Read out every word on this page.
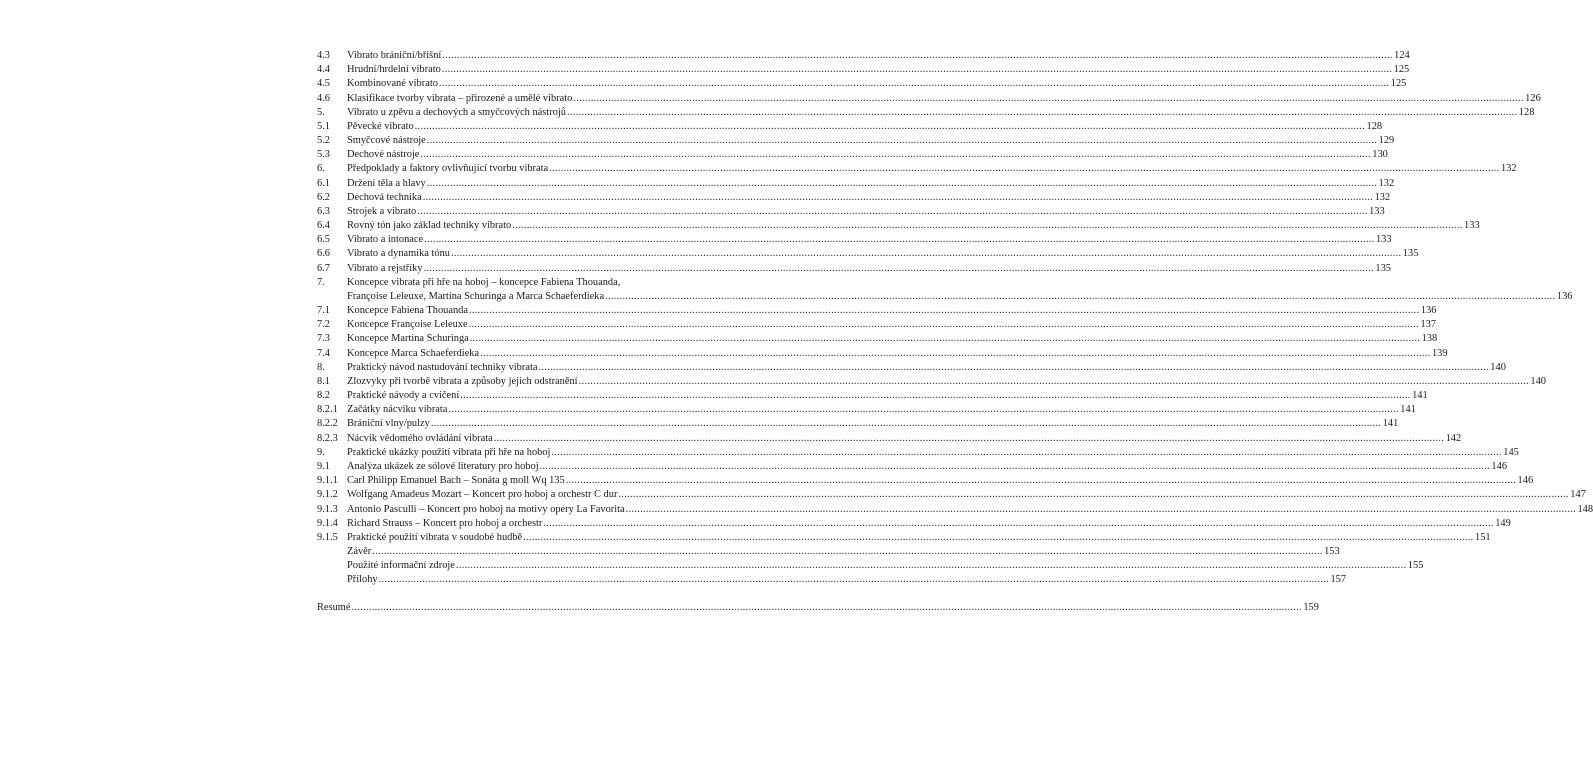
4.3	Vibrato brániční/břišní .....	124
4.4	Hrudní/hrdelní vibrato .....	125
4.5	Kombinované vibrato .....	125
4.6	Klasifikace tvorby vibrata – přirozené a umělé vibrato .....	126
5.	Vibrato u zpěvu a dechových a smyčcových nástrojů .....	128
5.1	Pěvecké vibrato .....	128
5.2	Smyčcové nástroje .....	129
5.3	Dechové nástroje .....	130
6.	Předpoklady a faktory ovlivňující tvorbu vibrata .....	132
6.1	Držení těla a hlavy .....	132
6.2	Dechová technika .....	132
6.3	Strojek a vibrato .....	133
6.4	Rovný tón jako základ techniky vibrato .....	133
6.5	Vibrato a intonace .....	133
6.6	Vibrato a dynamika tónu .....	135
6.7	Vibrato a rejstříky .....	135
7.	Koncepce vibrata při hře na hoboj – koncepce Fabiena Thouanda,
Françoise Leleuxe, Martina Schuringa a Marca Schaeferdieka .....	136
7.1	Koncepce Fabiena Thouanda .....	136
7.2	Koncepce Françoise Leleuxe .....	137
7.3	Koncepce Martina Schuringa .....	138
7.4	Koncepce Marca Schaeferdieka .....	139
8.	Praktický návod nastudování techniky vibrata .....	140
8.1	Zlozvyky při tvorbě vibrata a způsoby jejich odstranění .....	140
8.2	Praktické návody a cvičení .....	141
8.2.1 Začátky nácviku vibrata .....	141
8.2.2 Brániční vlny/pulzy .....	141
8.2.3 Nácvik vědomého ovládání vibrata .....	142
9.	Praktické ukázky použití vibrata při hře na hoboj .....	145
9.1	Analýza ukázek ze sólové literatury pro hoboj .....	146
9.1.1 Carl Philipp Emanuel Bach – Sonáta g moll Wq 135 .....	146
9.1.2 Wolfgang Amadeus Mozart – Koncert pro hoboj a orchestr C dur .....	147
9.1.3 Antonio Pasculli – Koncert pro hoboj na motivy opery La Favorita .....	148
9.1.4 Richard Strauss – Koncert pro hoboj a orchestr .....	149
9.1.5 Praktické použití vibrata v soudobé hudbě .....	151
Závěr .....	153
Použité informační zdroje .....	155
Přílohy .....	157
Resumé .....	159
